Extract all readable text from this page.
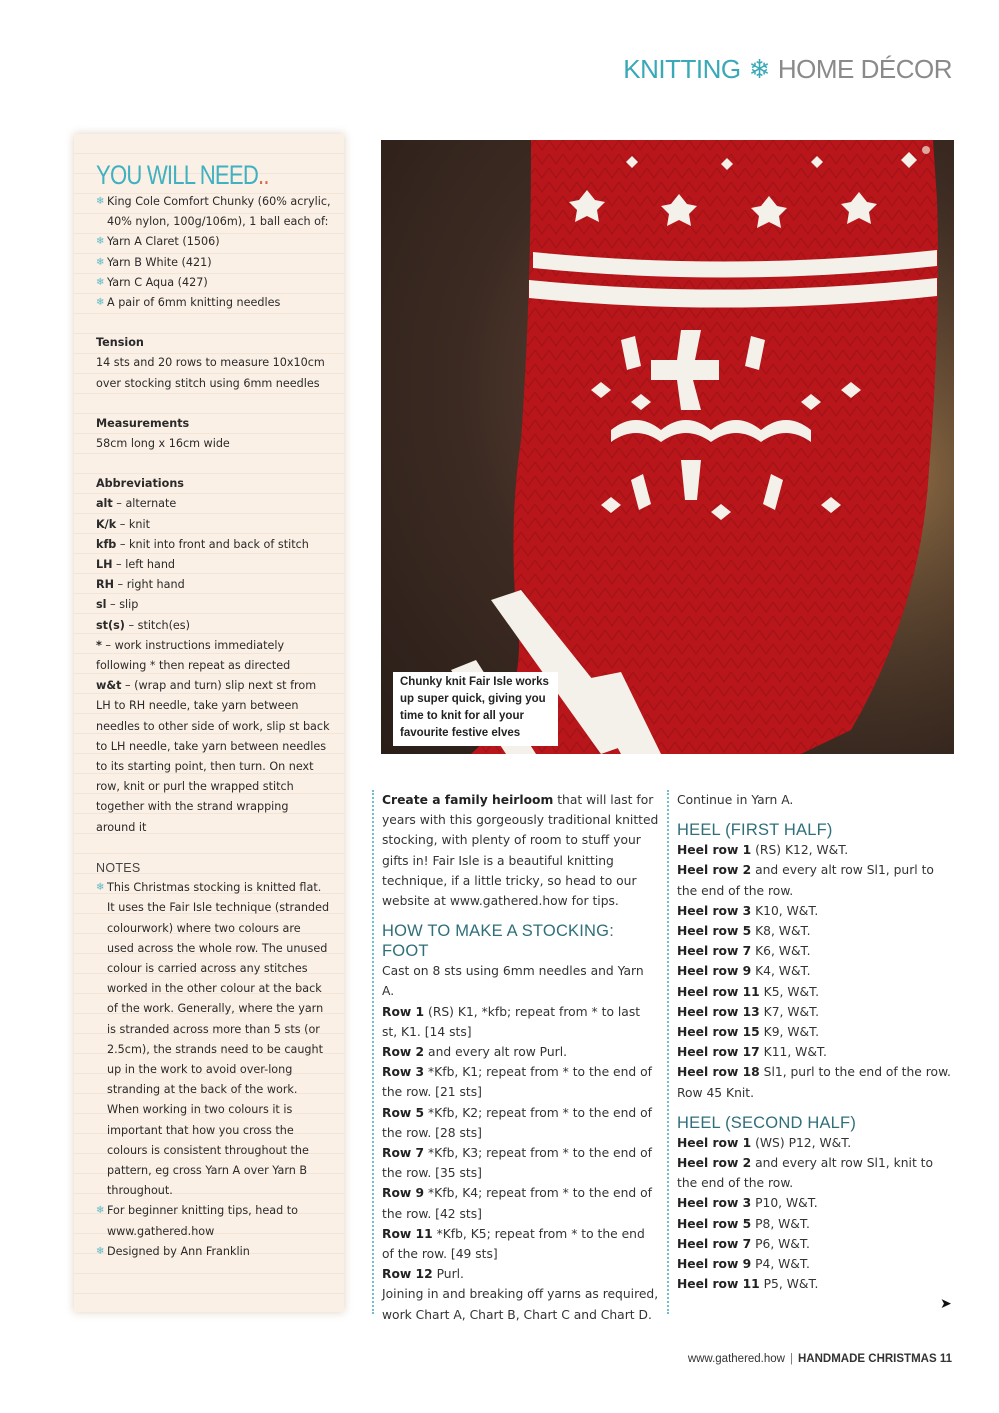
KNITTING ❄ HOME DÉCOR
YOU WILL NEED..
❄ King Cole Comfort Chunky (60% acrylic, 40% nylon, 100g/106m), 1 ball each of:
❄ Yarn A Claret (1506)
❄ Yarn B White (421)
❄ Yarn C Aqua (427)
❄ A pair of 6mm knitting needles
Tension
14 sts and 20 rows to measure 10x10cm over stocking stitch using 6mm needles
Measurements
58cm long x 16cm wide
Abbreviations
alt – alternate
K/k – knit
kfb – knit into front and back of stitch
LH – left hand
RH – right hand
sl – slip
st(s) – stitch(es)
* – work instructions immediately following * then repeat as directed
w&t – (wrap and turn) slip next st from LH to RH needle, take yarn between needles to other side of work, slip st back to LH needle, take yarn between needles to its starting point, then turn. On next row, knit or purl the wrapped stitch together with the strand wrapping around it
NOTES
❄ This Christmas stocking is knitted flat. It uses the Fair Isle technique (stranded colourwork) where two colours are used across the whole row. The unused colour is carried across any stitches worked in the other colour at the back of the work. Generally, where the yarn is stranded across more than 5 sts (or 2.5cm), the strands need to be caught up in the work to avoid over-long stranding at the back of the work. When working in two colours it is important that how you cross the colours is consistent throughout the pattern, eg cross Yarn A over Yarn B throughout.
❄ For beginner knitting tips, head to www.gathered.how
❄ Designed by Ann Franklin
Chunky knit Fair Isle works up super quick, giving you time to knit for all your favourite festive elves
Create a family heirloom that will last for years with this gorgeously traditional knitted stocking, with plenty of room to stuff your gifts in! Fair Isle is a beautiful knitting technique, if a little tricky, so head to our website at www.gathered.how for tips.
HOW TO MAKE A STOCKING: FOOT
Cast on 8 sts using 6mm needles and Yarn A.
Row 1 (RS) K1, *kfb; repeat from * to last st, K1. [14 sts]
Row 2 and every alt row Purl.
Row 3 *Kfb, K1; repeat from * to the end of the row. [21 sts]
Row 5 *Kfb, K2; repeat from * to the end of the row. [28 sts]
Row 7 *Kfb, K3; repeat from * to the end of the row. [35 sts]
Row 9 *Kfb, K4; repeat from * to the end of the row. [42 sts]
Row 11 *Kfb, K5; repeat from * to the end of the row. [49 sts]
Row 12 Purl.
Joining in and breaking off yarns as required, work Chart A, Chart B, Chart C and Chart D.
Continue in Yarn A.
HEEL (FIRST HALF)
Heel row 1 (RS) K12, W&T.
Heel row 2 and every alt row Sl1, purl to the end of the row.
Heel row 3 K10, W&T.
Heel row 5 K8, W&T.
Heel row 7 K6, W&T.
Heel row 9 K4, W&T.
Heel row 11 K5, W&T.
Heel row 13 K7, W&T.
Heel row 15 K9, W&T.
Heel row 17 K11, W&T.
Heel row 18 Sl1, purl to the end of the row.
Row 45 Knit.
HEEL (SECOND HALF)
Heel row 1 (WS) P12, W&T.
Heel row 2 and every alt row Sl1, knit to the end of the row.
Heel row 3 P10, W&T.
Heel row 5 P8, W&T.
Heel row 7 P6, W&T.
Heel row 9 P4, W&T.
Heel row 11 P5, W&T.
➤
www.gathered.how | HANDMADE CHRISTMAS 11
